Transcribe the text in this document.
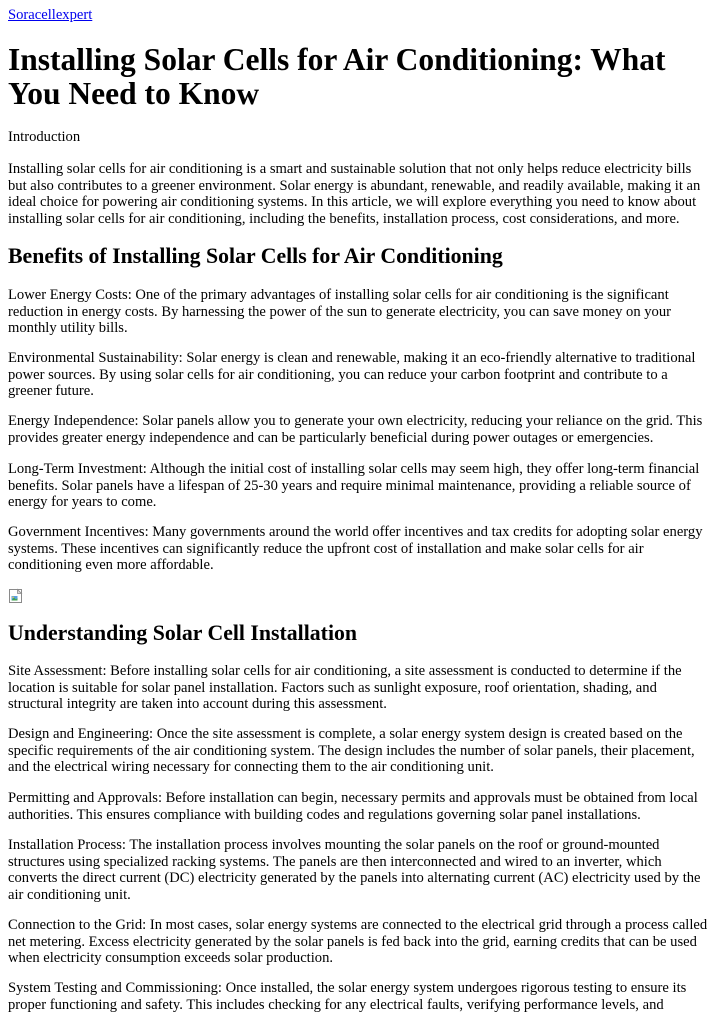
Soracellexpert
Installing Solar Cells for Air Conditioning: What You Need to Know

Introduction

Installing solar cells for air conditioning is a smart and sustainable solution that not only helps reduce electricity bills but also contributes to a greener environment. Solar energy is abundant, renewable, and readily available, making it an ideal choice for powering air conditioning systems. In this article, we will explore everything you need to know about installing solar cells for air conditioning, including the benefits, installation process, cost considerations, and more.

Benefits of Installing Solar Cells for Air Conditioning

Lower Energy Costs: One of the primary advantages of installing solar cells for air conditioning is the significant reduction in energy costs. By harnessing the power of the sun to generate electricity, you can save money on your monthly utility bills.

Environmental Sustainability: Solar energy is clean and renewable, making it an eco-friendly alternative to traditional power sources. By using solar cells for air conditioning, you can reduce your carbon footprint and contribute to a greener future.

Energy Independence: Solar panels allow you to generate your own electricity, reducing your reliance on the grid. This provides greater energy independence and can be particularly beneficial during power outages or emergencies.

Long-Term Investment: Although the initial cost of installing solar cells may seem high, they offer long-term financial benefits. Solar panels have a lifespan of 25-30 years and require minimal maintenance, providing a reliable source of energy for years to come.

Government Incentives: Many governments around the world offer incentives and tax credits for adopting solar energy systems. These incentives can significantly reduce the upfront cost of installation and make solar cells for air conditioning even more affordable.

Understanding Solar Cell Installation

Site Assessment: Before installing solar cells for air conditioning, a site assessment is conducted to determine if the location is suitable for solar panel installation. Factors such as sunlight exposure, roof orientation, shading, and structural integrity are taken into account during this assessment.

Design and Engineering: Once the site assessment is complete, a solar energy system design is created based on the specific requirements of the air conditioning system. The design includes the number of solar panels, their placement, and the electrical wiring necessary for connecting them to the air conditioning unit.

Permitting and Approvals: Before installation can begin, necessary permits and approvals must be obtained from local authorities. This ensures compliance with building codes and regulations governing solar panel installations.

Installation Process: The installation process involves mounting the solar panels on the roof or ground-mounted structures using specialized racking systems. The panels are then interconnected and wired to an inverter, which converts the direct current (DC) electricity generated by the panels into alternating current (AC) electricity used by the air conditioning unit.

Connection to the Grid: In most cases, solar energy systems are connected to the electrical grid through a process called net metering. Excess electricity generated by the solar panels is fed back into the grid, earning credits that can be used when electricity consumption exceeds solar production.

System Testing and Commissioning: Once installed, the solar energy system undergoes rigorous testing to ensure its proper functioning and safety. This includes checking for any electrical faults, verifying performance levels, and
